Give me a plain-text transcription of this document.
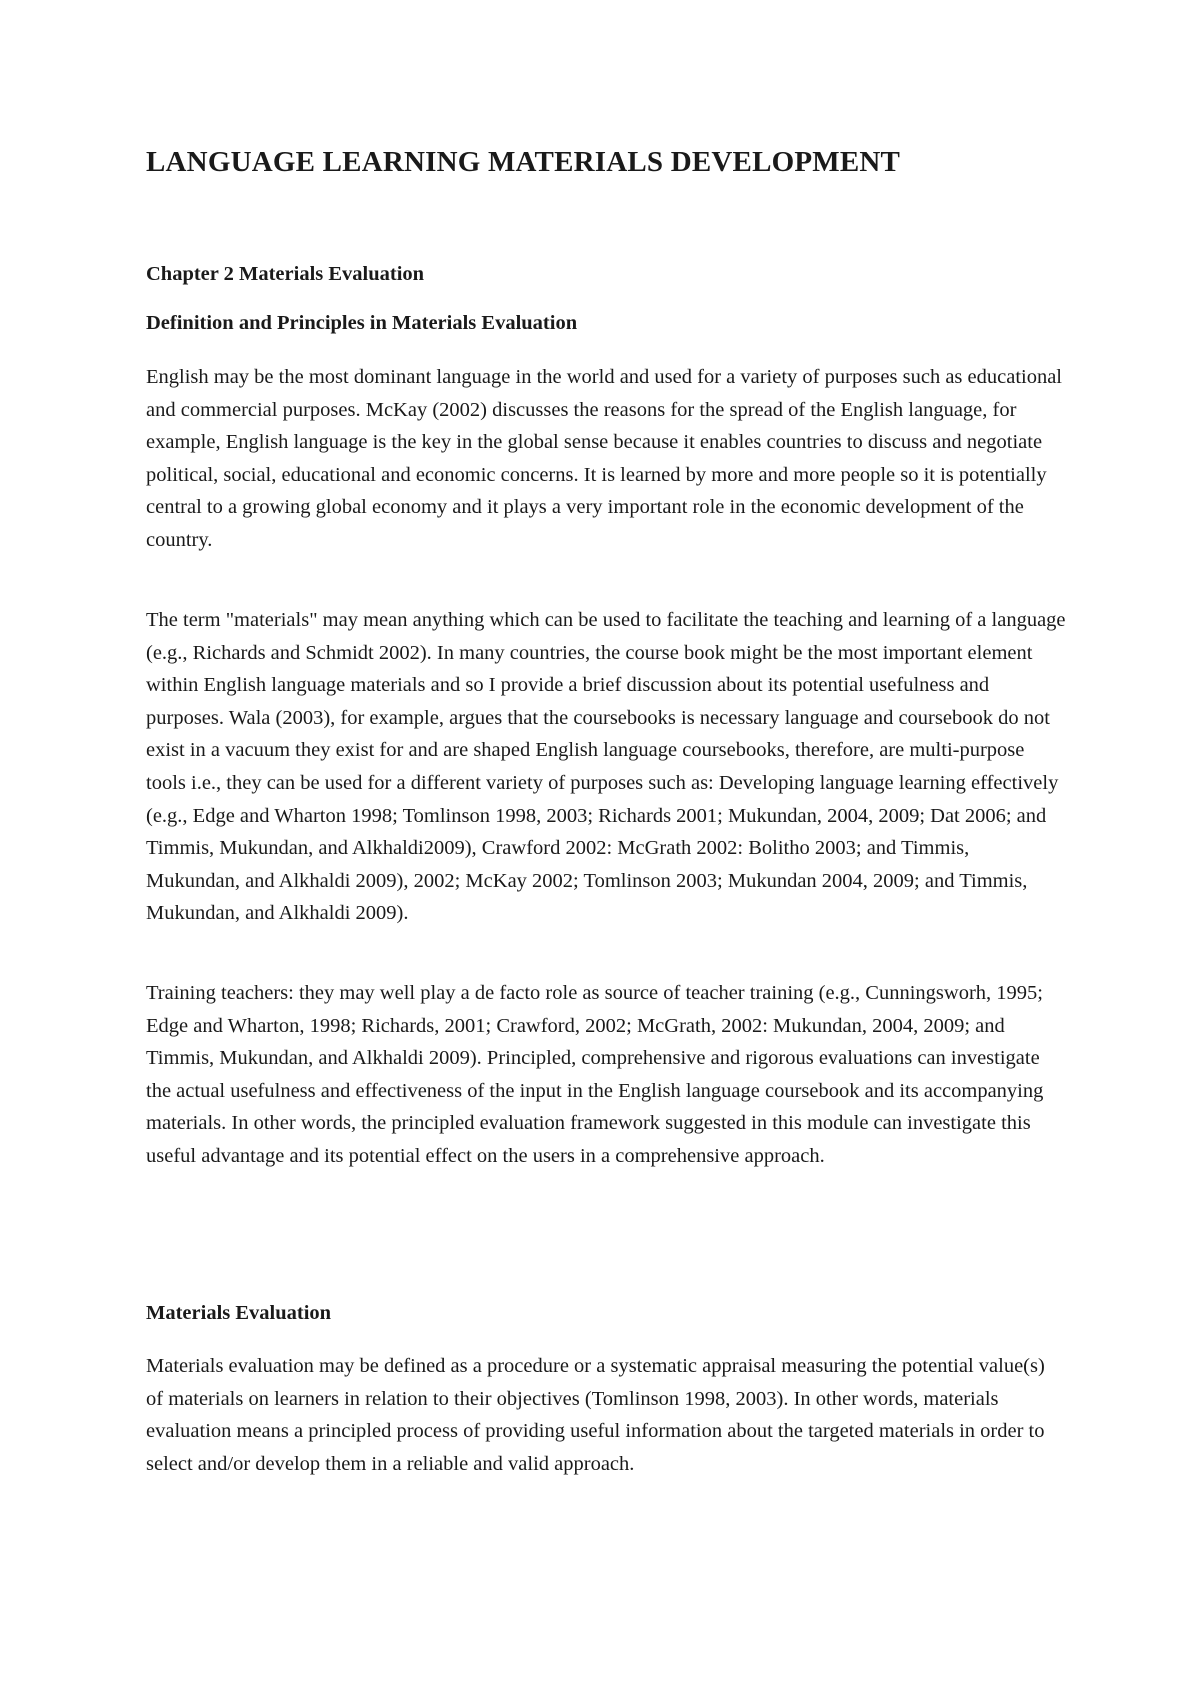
LANGUAGE LEARNING MATERIALS DEVELOPMENT
Chapter 2 Materials Evaluation
Definition and Principles in Materials Evaluation

English may be the most dominant language in the world and used for a variety of purposes such as educational and commercial purposes. McKay (2002) discusses the reasons for the spread of the English language, for example, English language is the key in the global sense because it enables countries to discuss and negotiate political, social, educational and economic concerns. It is learned by more and more people so it is potentially central to a growing global economy and it plays a very important role in the economic development of the country.

The term "materials" may mean anything which can be used to facilitate the teaching and learning of a language (e.g., Richards and Schmidt 2002). In many countries, the course book might be the most important element within English language materials and so I provide a brief discussion about its potential usefulness and purposes. Wala (2003), for example, argues that the coursebooks is necessary language and coursebook do not exist in a vacuum they exist for and are shaped English language coursebooks, therefore, are multi-purpose tools i.e., they can be used for a different variety of purposes such as: Developing language learning effectively (e.g., Edge and Wharton 1998; Tomlinson 1998, 2003; Richards 2001; Mukundan, 2004, 2009; Dat 2006; and Timmis, Mukundan, and Alkhaldi2009), Crawford 2002: McGrath 2002: Bolitho 2003; and Timmis, Mukundan, and Alkhaldi 2009), 2002; McKay 2002; Tomlinson 2003; Mukundan 2004, 2009; and Timmis, Mukundan, and Alkhaldi 2009).

Training teachers: they may well play a de facto role as source of teacher training (e.g., Cunningsworh, 1995; Edge and Wharton, 1998; Richards, 2001; Crawford, 2002; McGrath, 2002: Mukundan, 2004, 2009; and Timmis, Mukundan, and Alkhaldi 2009). Principled, comprehensive and rigorous evaluations can investigate the actual usefulness and effectiveness of the input in the English language coursebook and its accompanying materials. In other words, the principled evaluation framework suggested in this module can investigate this useful advantage and its potential effect on the users in a comprehensive approach.

Materials Evaluation

Materials evaluation may be defined as a procedure or a systematic appraisal measuring the potential value(s) of materials on learners in relation to their objectives (Tomlinson 1998, 2003). In other words, materials evaluation means a principled process of providing useful information about the targeted materials in order to select and/or develop them in a reliable and valid approach.
